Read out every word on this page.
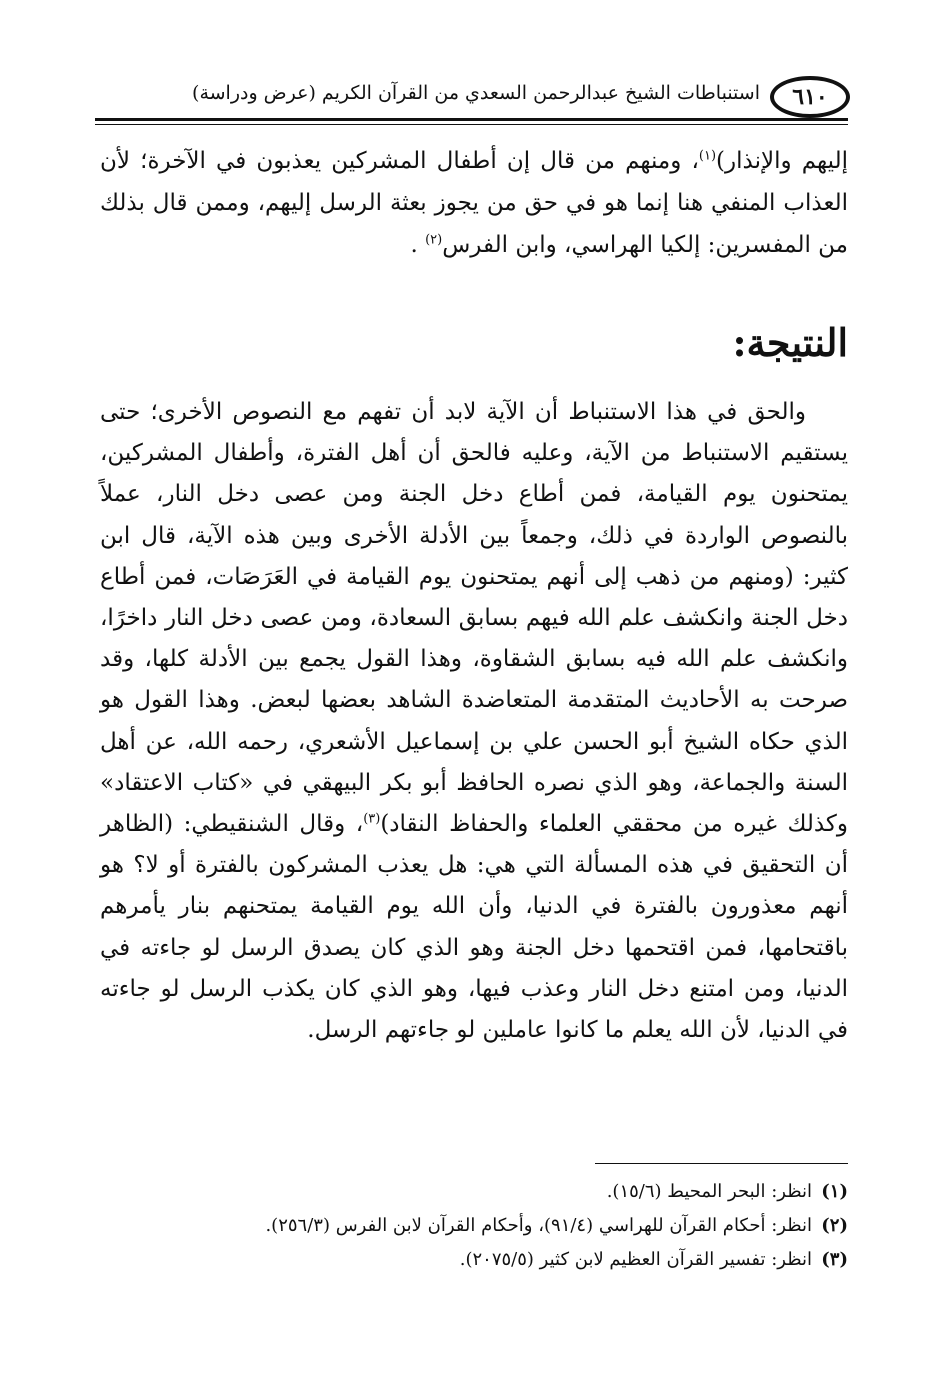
٦١٠
استنباطات الشيخ عبدالرحمن السعدي من القرآن الكريم (عرض ودراسة)

إليهم والإنذار)$^{(١)}$، ومنهم من قال إن أطفال المشركين يعذبون في الآخرة؛ لأن العذاب المنفي هنا إنما هو في حق من يجوز بعثة الرسل إليهم، وممن قال بذلك من المفسرين: إلكيا الهراسي، وابن الفرس$^{(٢)}$ .

النتيجة:

والحق في هذا الاستنباط أن الآية لابد أن تفهم مع النصوص الأخرى؛ حتى يستقيم الاستنباط من الآية، وعليه فالحق أن أهل الفترة، وأطفال المشركين، يمتحنون يوم القيامة، فمن أطاع دخل الجنة ومن عصى دخل النار، عملاً بالنصوص الواردة في ذلك، وجمعاً بين الأدلة الأخرى وبين هذه الآية، قال ابن كثير: (ومنهم من ذهب إلى أنهم يمتحنون يوم القيامة في العَرَصَات، فمن أطاع دخل الجنة وانكشف علم الله فيهم بسابق السعادة، ومن عصى دخل النار داخرًا، وانكشف علم الله فيه بسابق الشقاوة، وهذا القول يجمع بين الأدلة كلها، وقد صرحت به الأحاديث المتقدمة المتعاضدة الشاهد بعضها لبعض. وهذا القول هو الذي حكاه الشيخ أبو الحسن علي بن إسماعيل الأشعري، رحمه الله، عن أهل السنة والجماعة، وهو الذي نصره الحافظ أبو بكر البيهقي في «كتاب الاعتقاد» وكذلك غيره من محققي العلماء والحفاظ النقاد)$^{(٣)}$، وقال الشنقيطي: (الظاهر أن التحقيق في هذه المسألة التي هي: هل يعذب المشركون بالفترة أو لا؟ هو أنهم معذورون بالفترة في الدنيا، وأن الله يوم القيامة يمتحنهم بنار يأمرهم باقتحامها، فمن اقتحمها دخل الجنة وهو الذي كان يصدق الرسل لو جاءته في الدنيا، ومن امتنع دخل النار وعذب فيها، وهو الذي كان يكذب الرسل لو جاءته في الدنيا، لأن الله يعلم ما كانوا عاملين لو جاءتهم الرسل.

(١)
انظر: البحر المحيط (١٥/٦).
(٢)
انظر: أحكام القرآن للهراسي (٩١/٤)، وأحكام القرآن لابن الفرس (٢٥٦/٣).
(٣)
انظر: تفسير القرآن العظيم لابن كثير (٢٠٧٥/٥).
